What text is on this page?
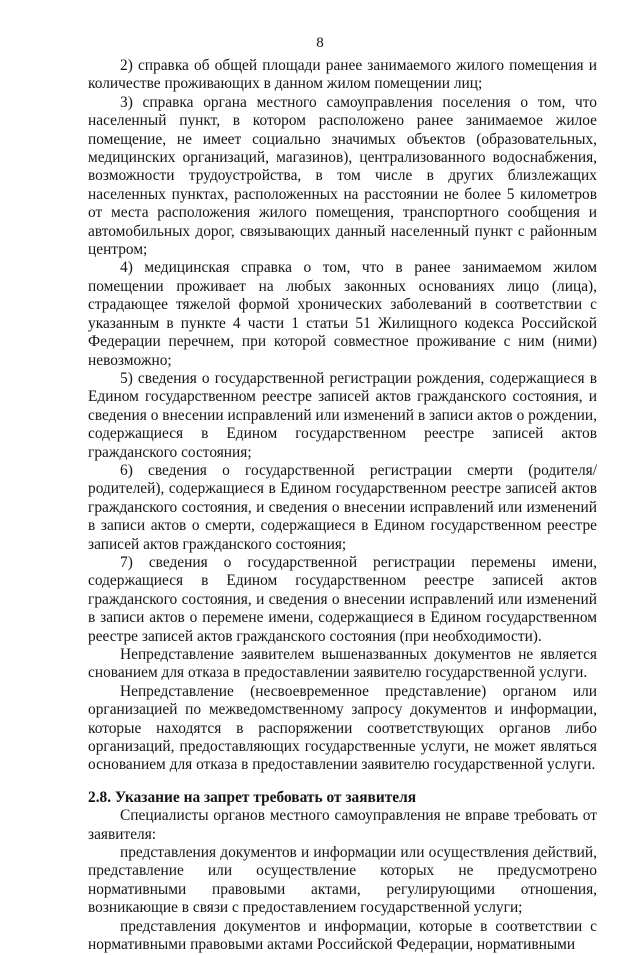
8

2) справка об общей площади ранее занимаемого жилого помещения и количестве проживающих в данном жилом помещении лиц;

3) справка органа местного самоуправления поселения о том, что населенный пункт, в котором расположено ранее занимаемое жилое помещение, не имеет социально значимых объектов (образовательных, медицинских организаций, магазинов), централизованного водоснабжения, возможности трудоустройства, в том числе в других близлежащих населенных пунктах, расположенных на расстоянии не более 5 километров от места расположения жилого помещения, транспортного сообщения и автомобильных дорог, связывающих данный населенный пункт с районным центром;

4) медицинская справка о том, что в ранее занимаемом жилом помещении проживает на любых законных основаниях лицо (лица), страдающее тяжелой формой хронических заболеваний в соответствии с указанным в пункте 4 части 1 статьи 51 Жилищного кодекса Российской Федерации перечнем, при которой совместное проживание с ним (ними) невозможно;

5) сведения о государственной регистрации рождения, содержащиеся в Едином государственном реестре записей актов гражданского состояния, и сведения о внесении исправлений или изменений в записи актов о рождении, содержащиеся в Едином государственном реестре записей актов гражданского состояния;

6) сведения о государственной регистрации смерти (родителя/родителей), содержащиеся в Едином государственном реестре записей актов гражданского состояния, и сведения о внесении исправлений или изменений в записи актов о смерти, содержащиеся в Едином государственном реестре записей актов гражданского состояния;

7) сведения о государственной регистрации перемены имени, содержащиеся в Едином государственном реестре записей актов гражданского состояния, и сведения о внесении исправлений или изменений в записи актов о перемене имени, содержащиеся в Едином государственном реестре записей актов гражданского состояния (при необходимости).

Непредставление заявителем вышеназванных документов не является снованием для отказа в предоставлении заявителю государственной услуги.

Непредставление (несвоевременное представление) органом или организацией по межведомственному запросу документов и информации, которые находятся в распоряжении соответствующих органов либо организаций, предоставляющих государственные услуги, не может являться основанием для отказа в предоставлении заявителю государственной услуги.

2.8. Указание на запрет требовать от заявителя

Специалисты органов местного самоуправления не вправе требовать от заявителя:

представления документов и информации или осуществления действий, представление или осуществление которых не предусмотрено нормативными правовыми актами, регулирующими отношения, возникающие в связи с предоставлением государственной услуги;

представления документов и информации, которые в соответствии с нормативными правовыми актами Российской Федерации, нормативными
